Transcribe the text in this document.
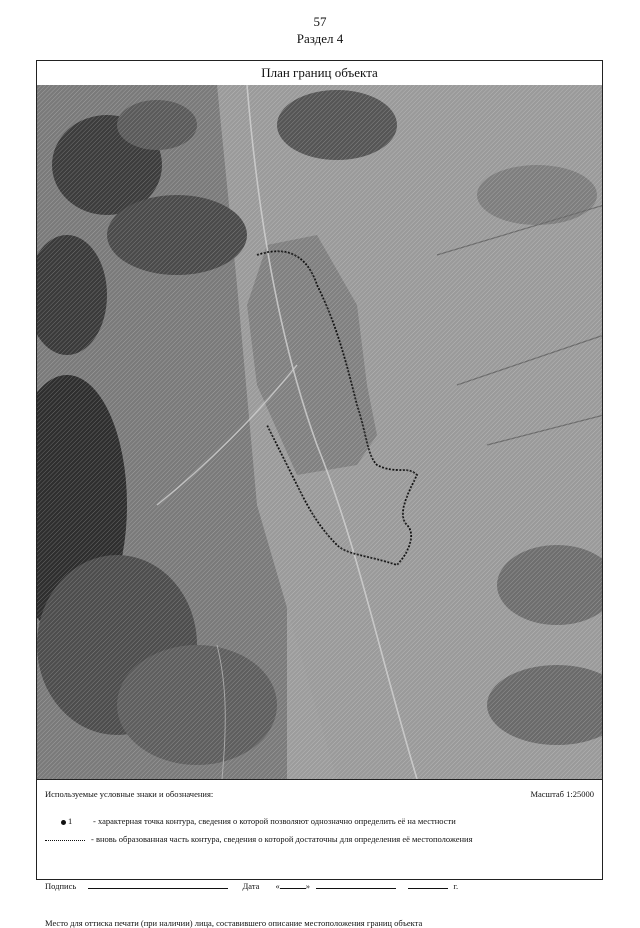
57
Раздел 4
План границ объекта
Используемые условные знаки и обозначения:	Масштаб 1:25000
1 - характерная точка контура, сведения о которой позволяют однозначно определить её на местности
- вновь образованная часть контура, сведения о которой достаточны для определения её местоположения
Подпись	Дата «	»	г.
Место для оттиска печати (при наличии) лица, составившего описание местоположения границ объекта
